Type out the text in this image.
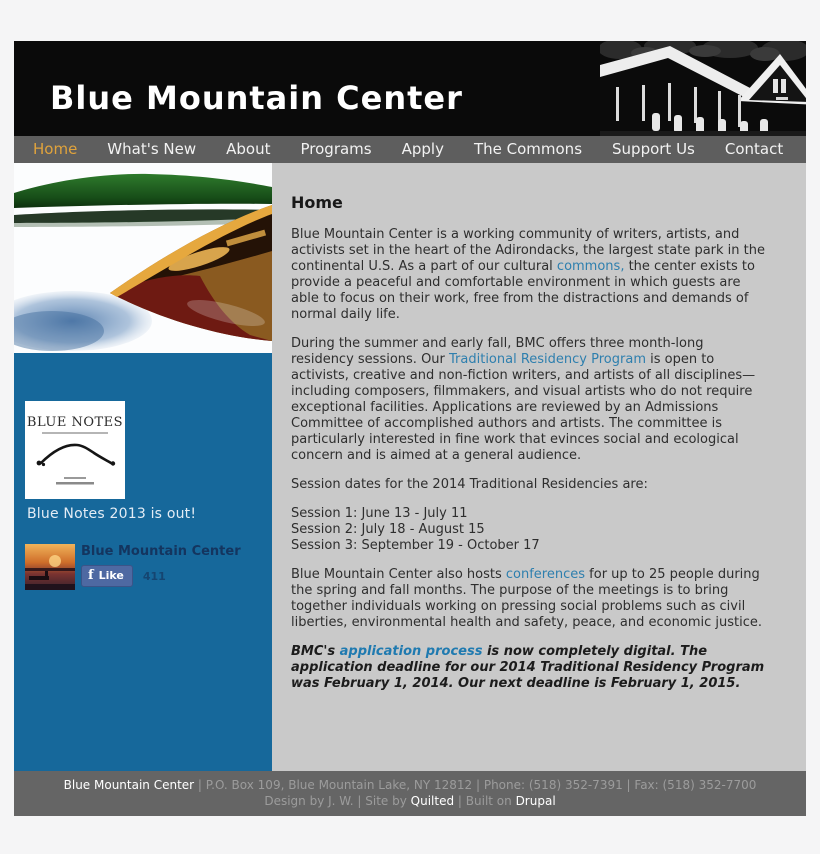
Blue Mountain Center
Home	What's New	About	Programs	Apply	The Commons	Support Us	Contact
BLUE NOTES
Blue Notes 2013 is out!
Blue Mountain Center
f Like 411
Home

Blue Mountain Center is a working community of writers, artists, and activists set in the heart of the Adirondacks, the largest state park in the continental U.S. As a part of our cultural commons, the center exists to provide a peaceful and comfortable environment in which guests are able to focus on their work, free from the distractions and demands of normal daily life.

During the summer and early fall, BMC offers three month-long residency sessions. Our Traditional Residency Program is open to activists, creative and non-fiction writers, and artists of all disciplines—including composers, filmmakers, and visual artists who do not require exceptional facilities. Applications are reviewed by an Admissions Committee of accomplished authors and artists. The committee is particularly interested in fine work that evinces social and ecological concern and is aimed at a general audience.

Session dates for the 2014 Traditional Residencies are:

Session 1: June 13 - July 11
Session 2: July 18 - August 15
Session 3: September 19 - October 17

Blue Mountain Center also hosts conferences for up to 25 people during the spring and fall months. The purpose of the meetings is to bring together individuals working on pressing social problems such as civil liberties, environmental health and safety, peace, and economic justice.

BMC's application process is now completely digital. The application deadline for our 2014 Traditional Residency Program was February 1, 2014. Our next deadline is February 1, 2015.

Blue Mountain Center | P.O. Box 109, Blue Mountain Lake, NY 12812 | Phone: (518) 352-7391 | Fax: (518) 352-7700
Design by J. W. | Site by Quilted | Built on Drupal
